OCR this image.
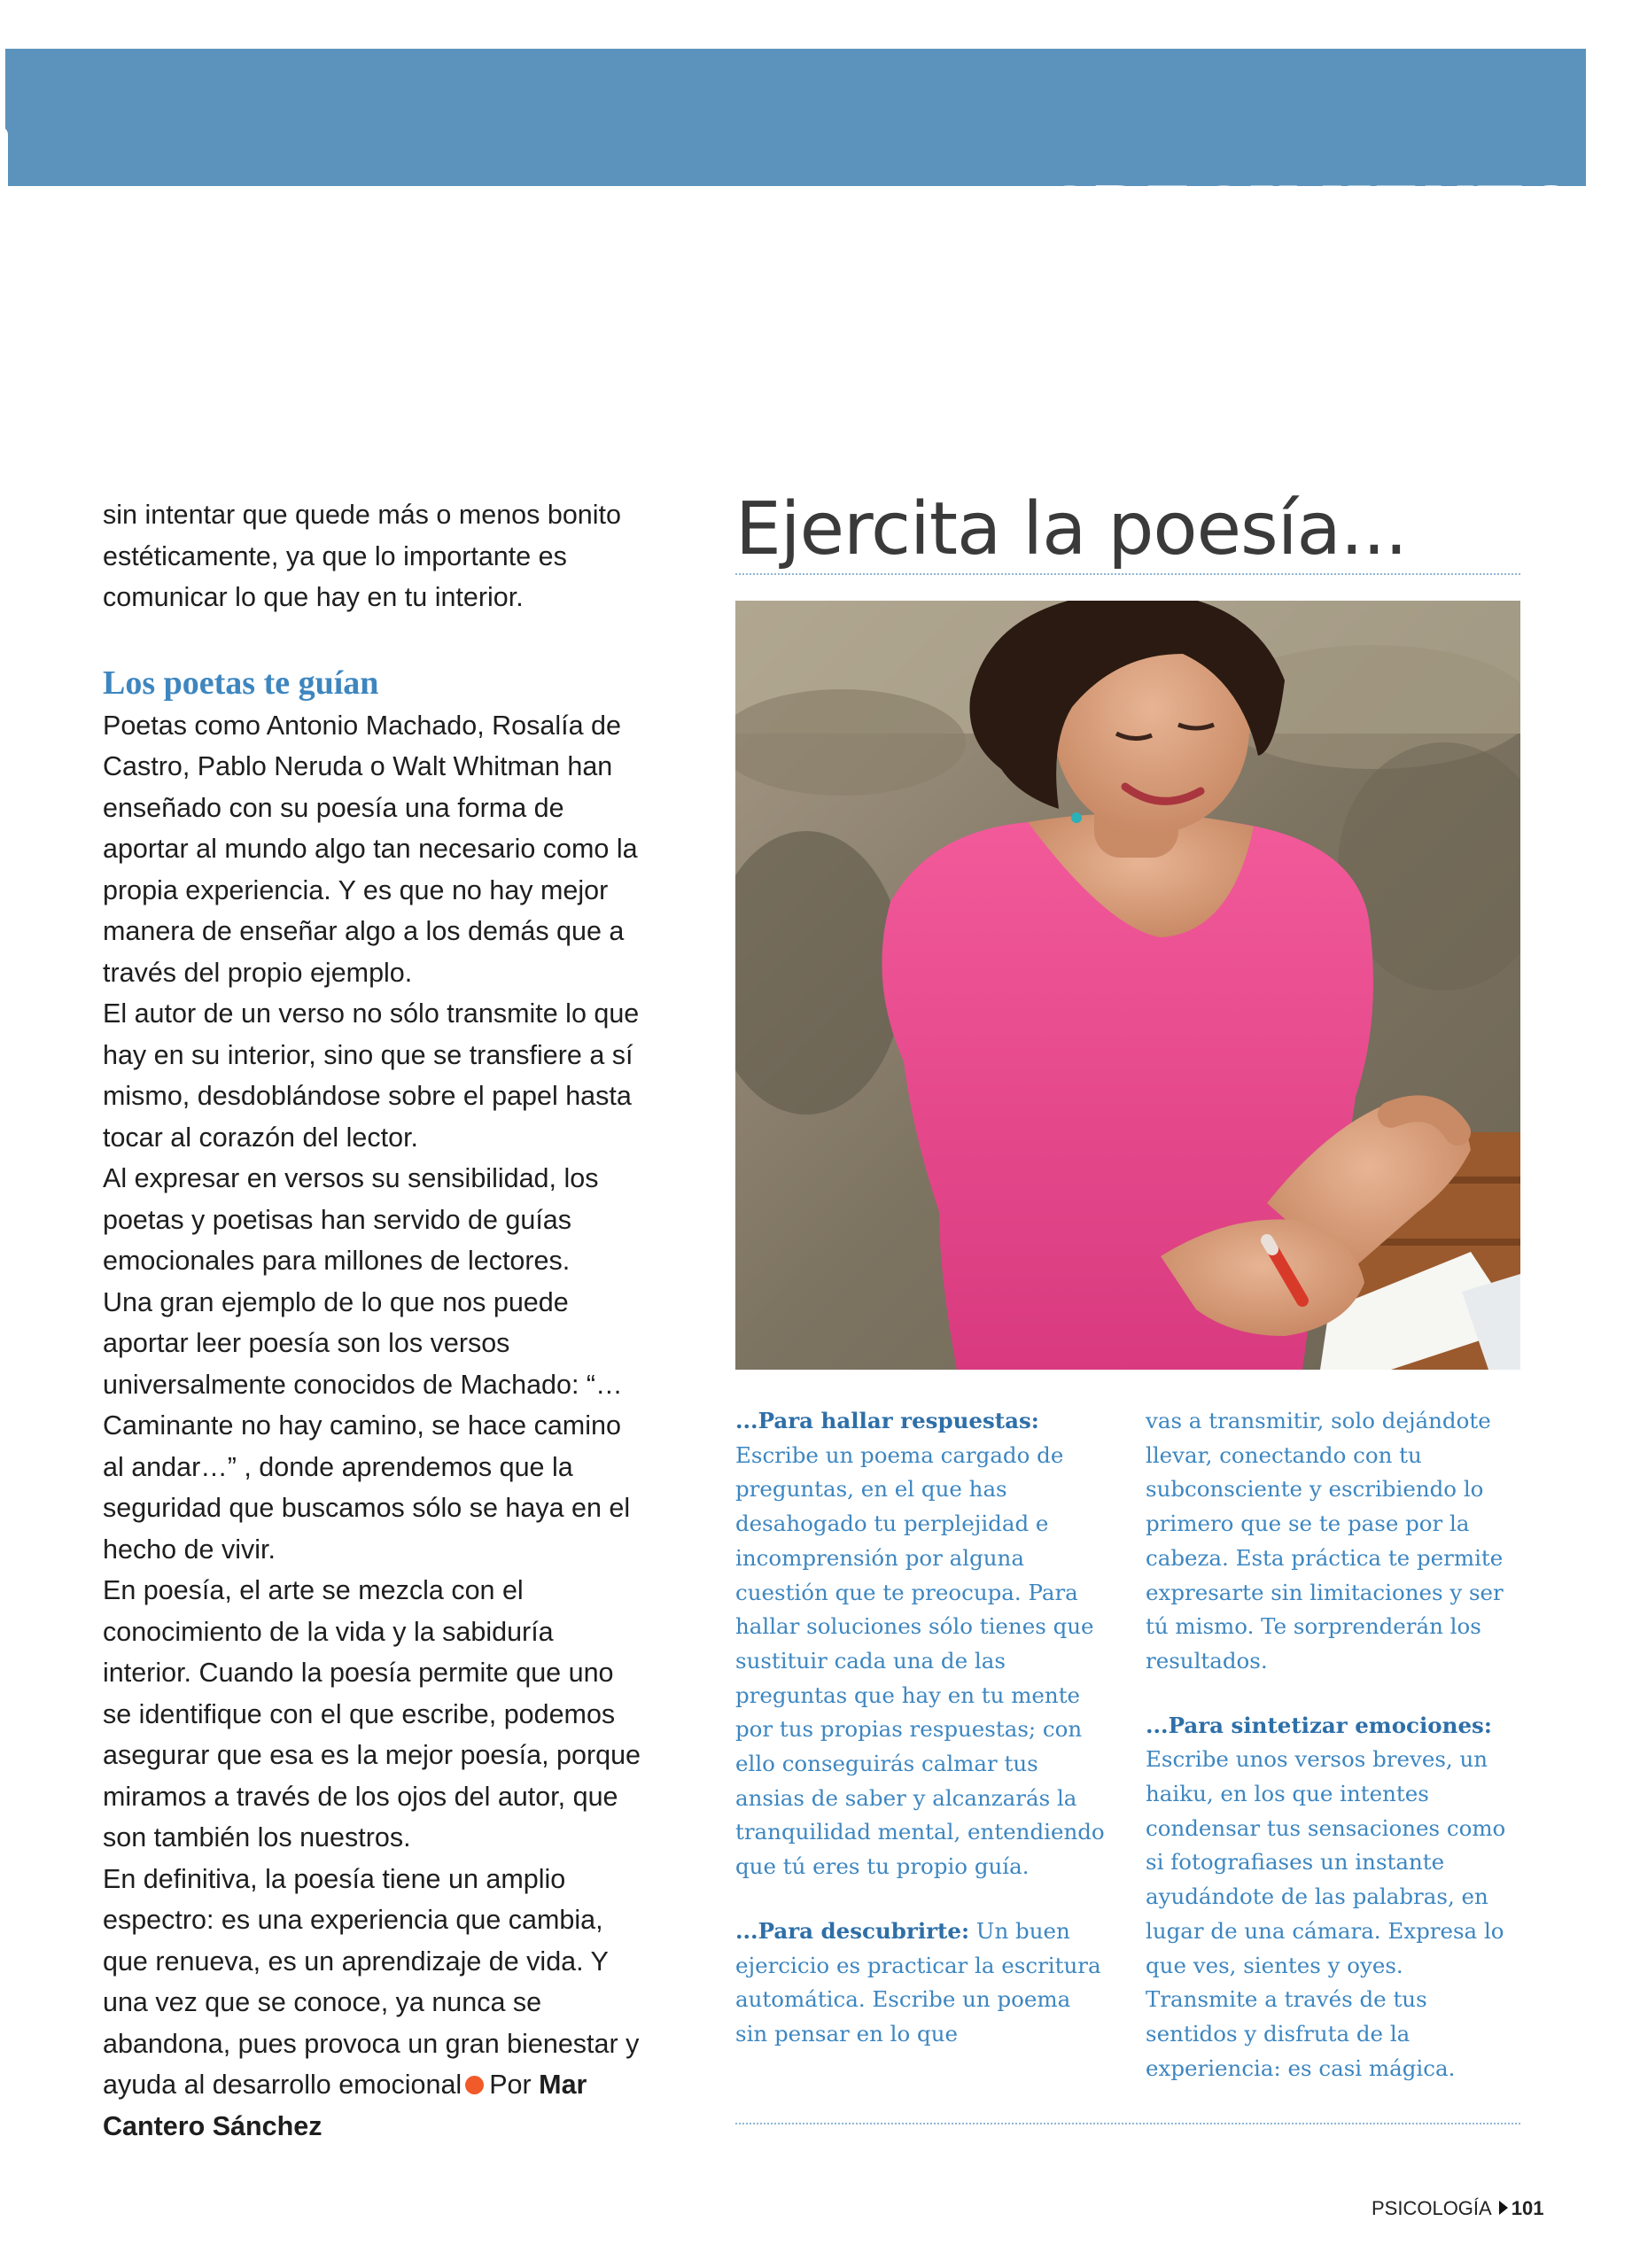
CRECIMIENTO

sin intentar que quede más o menos bonito estéticamente, ya que lo importante es comunicar lo que hay en tu interior.

Los poetas te guían

Poetas como Antonio Machado, Rosalía de Castro, Pablo Neruda o Walt Whitman han enseñado con su poesía una forma de aportar al mundo algo tan necesario como la propia experiencia. Y es que no hay mejor manera de enseñar algo a los demás que a través del propio ejemplo.

El autor de un verso no sólo transmite lo que hay en su interior, sino que se transfiere a sí mismo, desdoblándose sobre el papel hasta tocar al corazón del lector.

Al expresar en versos su sensibilidad, los poetas y poetisas han servido de guías emocionales para millones de lectores.

Una gran ejemplo de lo que nos puede aportar leer poesía son los versos universalmente conocidos de Machado: “…Caminante no hay camino, se hace camino al andar…” , donde aprendemos que la seguridad que buscamos sólo se haya en el hecho de vivir.

En poesía, el arte se mezcla con el conocimiento de la vida y la sabiduría interior. Cuando la poesía permite que uno se identifique con el que escribe, podemos asegurar que esa es la mejor poesía, porque miramos a través de los ojos del autor, que son también los nuestros.

En definitiva, la poesía tiene un amplio espectro: es una experiencia que cambia, que renueva, es un aprendizaje de vida. Y una vez que se conoce, ya nunca se abandona, pues provoca un gran bienestar y ayuda al desarrollo emocional Por Mar Cantero Sánchez

Ejercita la poesía...

...Para hallar respuestas: Escribe un poema cargado de preguntas, en el que has desahogado tu perplejidad e incomprensión por alguna cuestión que te preocupa. Para hallar soluciones sólo tienes que sustituir cada una de las preguntas que hay en tu mente por tus propias respuestas; con ello conseguirás calmar tus ansias de saber y alcanzarás la tranquilidad mental, entendiendo que tú eres tu propio guía.

...Para descubrirte: Un buen ejercicio es practicar la escritura automática. Escribe un poema sin pensar en lo que

vas a transmitir, solo dejándote llevar, conectando con tu subconsciente y escribiendo lo primero que se te pase por la cabeza. Esta práctica te permite expresarte sin limitaciones y ser tú mismo. Te sorprenderán los resultados.

...Para sintetizar emociones: Escribe unos versos breves, un haiku, en los que intentes condensar tus sensaciones como si fotografiases un instante ayudándote de las palabras, en lugar de una cámara. Expresa lo que ves, sientes y oyes. Transmite a través de tus sentidos y disfruta de la experiencia: es casi mágica.

PSICOLOGÍA 101
